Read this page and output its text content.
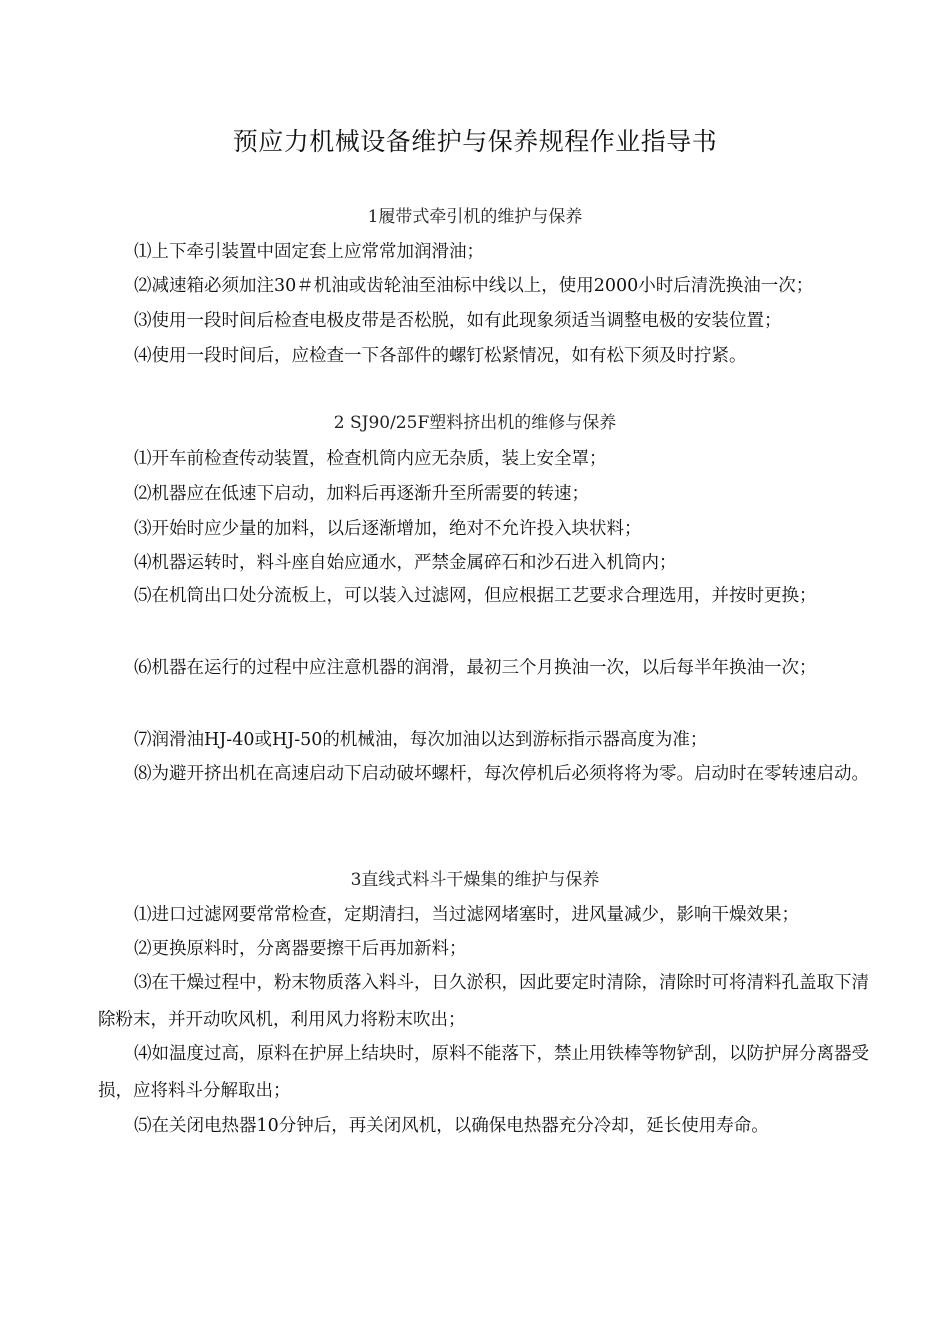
预应力机械设备维护与保养规程作业指导书
1履带式牵引机的维护与保养

⑴上下牵引装置中固定套上应常常加润滑油；

⑵减速箱必须加注30＃机油或齿轮油至油标中线以上，使用2000小时后清洗换油一次；

⑶使用一段时间后检查电极皮带是否松脱，如有此现象须适当调整电极的安装位置；

⑷使用一段时间后，应检查一下各部件的螺钉松紧情况，如有松下须及时拧紧。

2 SJ90/25F塑料挤出机的维修与保养

⑴开车前检查传动装置，检查机筒内应无杂质，装上安全罩；

⑵机器应在低速下启动，加料后再逐渐升至所需要的转速；

⑶开始时应少量的加料，以后逐渐增加，绝对不允许投入块状料；

⑷机器运转时，料斗座自始应通水，严禁金属碎石和沙石进入机筒内；

⑸在机筒出口处分流板上，可以装入过滤网，但应根据工艺要求合理选用，并按时更换；

⑹机器在运行的过程中应注意机器的润滑，最初三个月换油一次，以后每半年换油一次；

⑺润滑油HJ-40或HJ-50的机械油，每次加油以达到游标指示器高度为准；

⑻为避开挤出机在高速启动下启动破坏螺杆，每次停机后必须将将为零。启动时在零转速启动。

3直线式料斗干燥集的维护与保养

⑴进口过滤网要常常检查，定期清扫，当过滤网堵塞时，进风量减少，影响干燥效果；

⑵更换原料时，分离器要擦干后再加新料；

⑶在干燥过程中，粉末物质落入料斗，日久淤积，因此要定时清除，清除时可将清料孔盖取下清除粉末，并开动吹风机，利用风力将粉末吹出；

⑷如温度过高，原料在护屏上结块时，原料不能落下，禁止用铁棒等物铲刮，以防护屏分离器受损，应将料斗分解取出；

⑸在关闭电热器10分钟后，再关闭风机，以确保电热器充分冷却，延长使用寿命。
